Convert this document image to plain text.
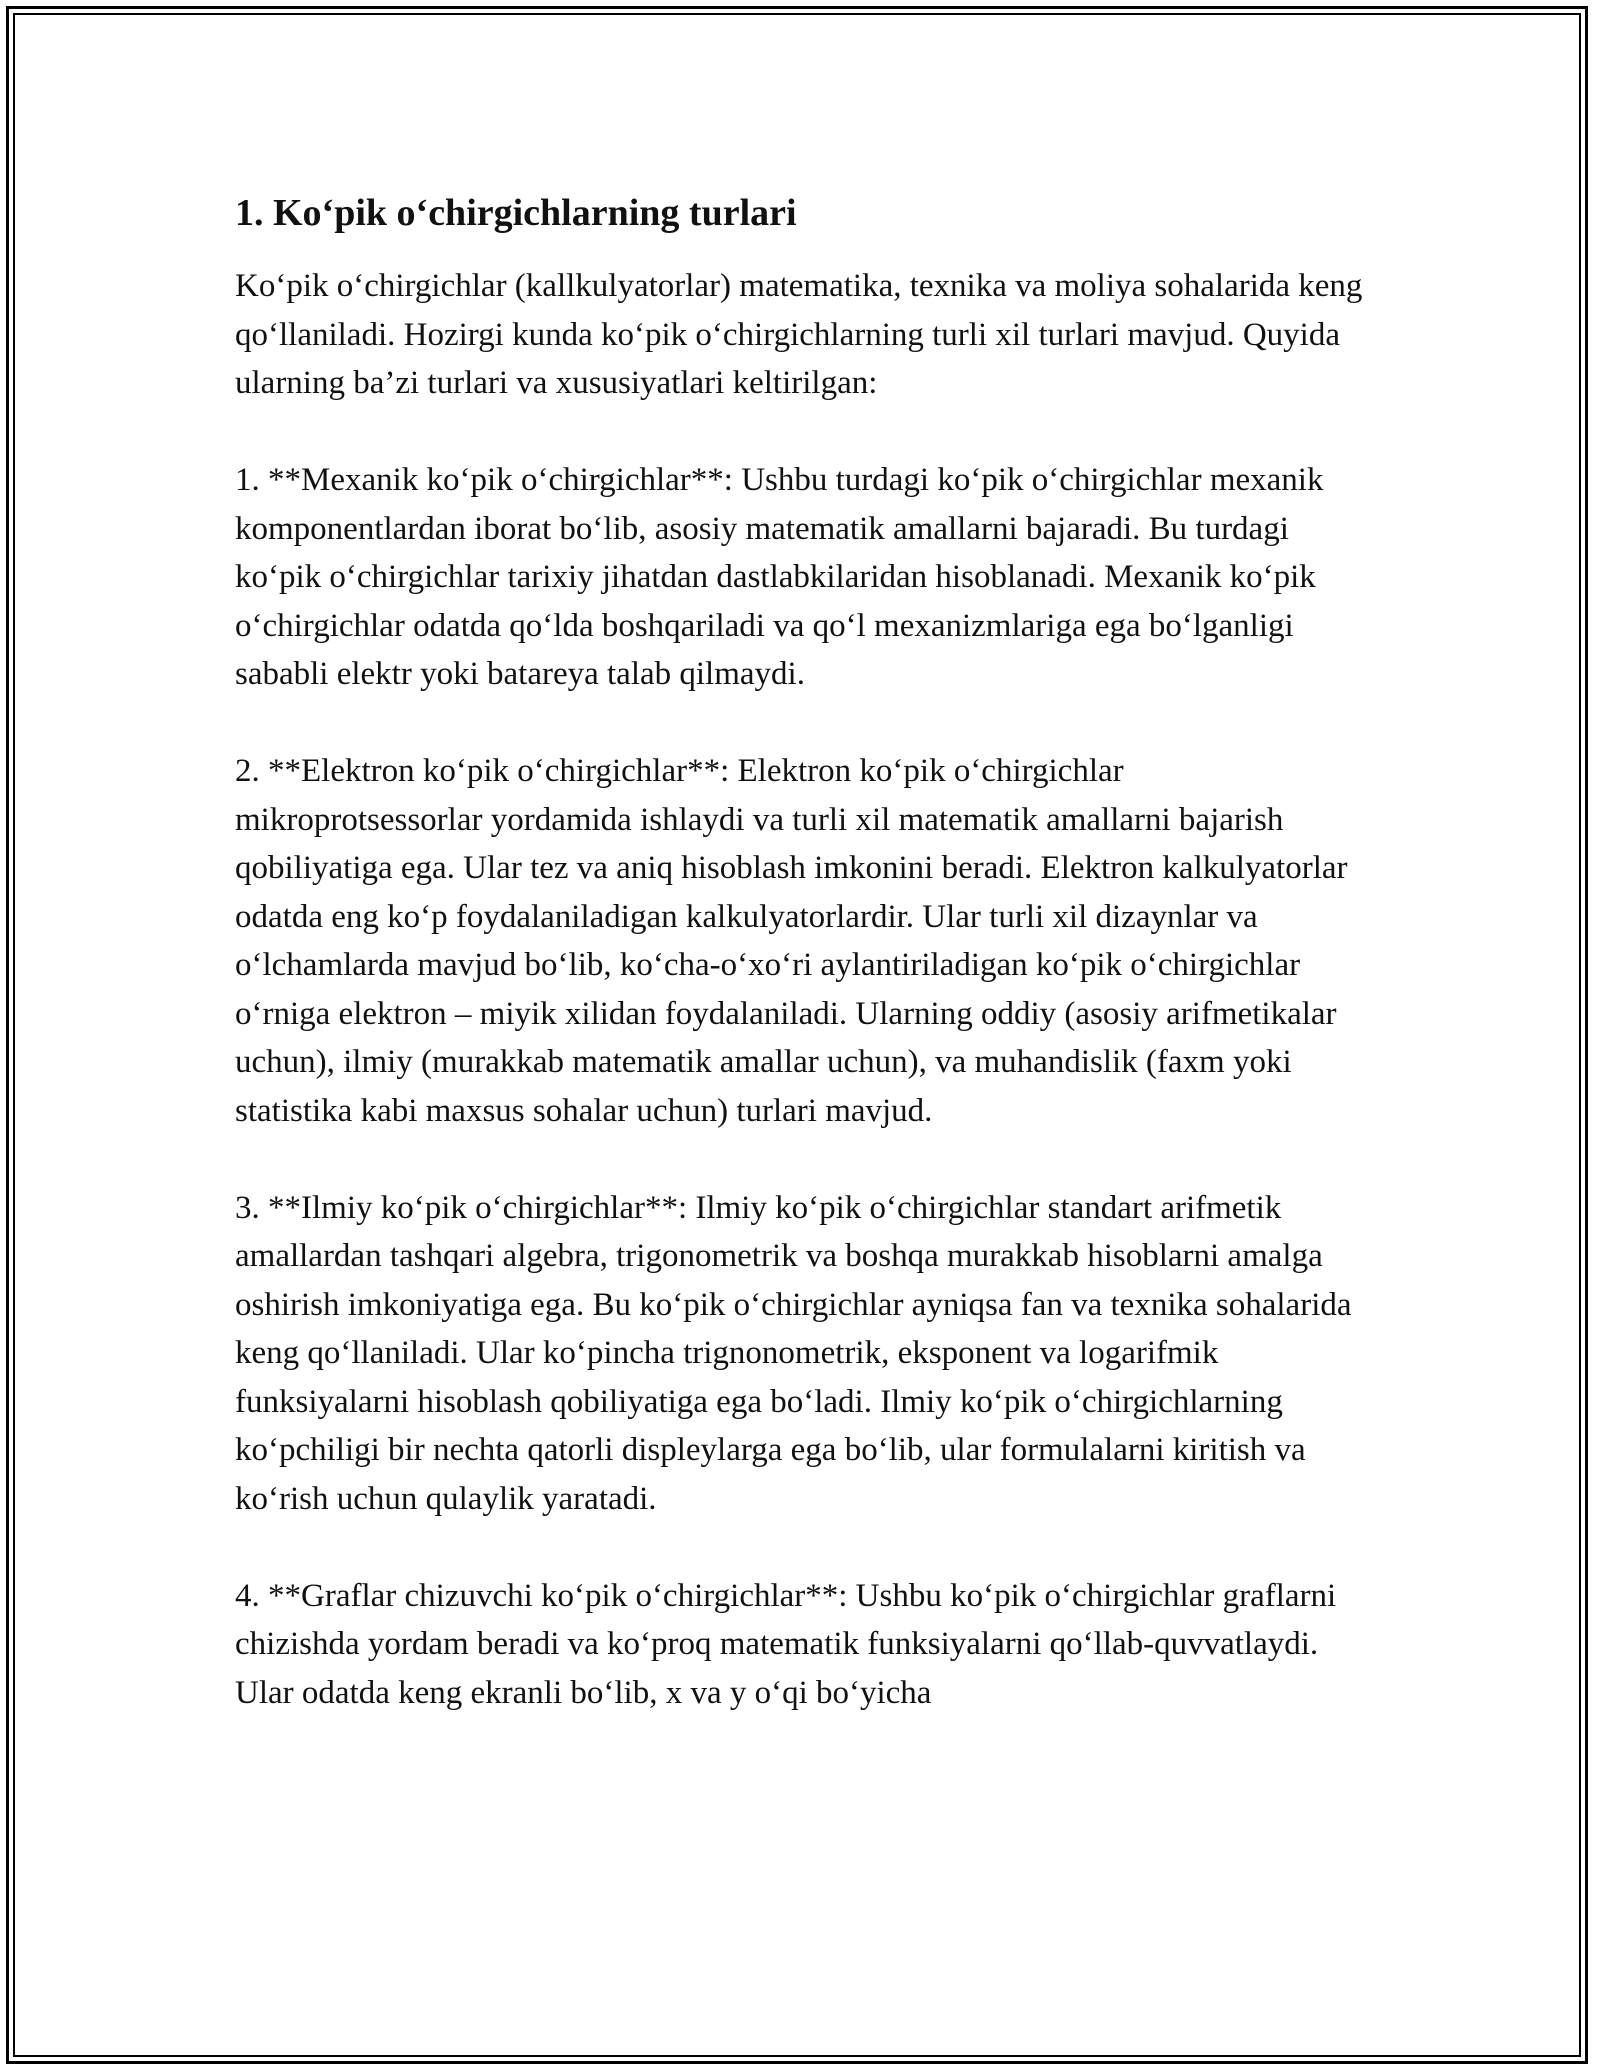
1. Ko‘pik o‘chirgichlarning turlari

Ko‘pik o‘chirgichlar (kallkulyatorlar) matematika, texnika va moliya sohalarida keng qo‘llaniladi. Hozirgi kunda ko‘pik o‘chirgichlarning turli xil turlari mavjud. Quyida ularning ba’zi turlari va xususiyatlari keltirilgan:

1. **Mexanik ko‘pik o‘chirgichlar**: Ushbu turdagi ko‘pik o‘chirgichlar mexanik komponentlardan iborat bo‘lib, asosiy matematik amallarni bajaradi. Bu turdagi ko‘pik o‘chirgichlar tarixiy jihatdan dastlabkilaridan hisoblanadi. Mexanik ko‘pik o‘chirgichlar odatda qo‘lda boshqariladi va qo‘l mexanizmlariga ega bo‘lganligi sababli elektr yoki batareya talab qilmaydi.

2. **Elektron ko‘pik o‘chirgichlar**: Elektron ko‘pik o‘chirgichlar mikroprotsessorlar yordamida ishlaydi va turli xil matematik amallarni bajarish qobiliyatiga ega. Ular tez va aniq hisoblash imkonini beradi. Elektron kalkulyatorlar odatda eng ko‘p foydalaniladigan kalkulyatorlardir. Ular turli xil dizaynlar va o‘lchamlarda mavjud bo‘lib, ko‘cha-o‘xo‘ri aylantiriladigan ko‘pik o‘chirgichlar o‘rniga elektron – miyik xilidan foydalaniladi. Ularning oddiy (asosiy arifmetikalar uchun), ilmiy (murakkab matematik amallar uchun), va muhandislik (faxm yoki statistika kabi maxsus sohalar uchun) turlari mavjud.

3. **Ilmiy ko‘pik o‘chirgichlar**: Ilmiy ko‘pik o‘chirgichlar standart arifmetik amallardan tashqari algebra, trigonometrik va boshqa murakkab hisoblarni amalga oshirish imkoniyatiga ega. Bu ko‘pik o‘chirgichlar ayniqsa fan va texnika sohalarida keng qo‘llaniladi. Ular ko‘pincha trignonometrik, eksponent va logarifmik funksiyalarni hisoblash qobiliyatiga ega bo‘ladi. Ilmiy ko‘pik o‘chirgichlarning ko‘pchiligi bir nechta qatorli displeylarga ega bo‘lib, ular formulalarni kiritish va ko‘rish uchun qulaylik yaratadi.

4. **Graflar chizuvchi ko‘pik o‘chirgichlar**: Ushbu ko‘pik o‘chirgichlar graflarni chizishda yordam beradi va ko‘proq matematik funksiyalarni qo‘llab-quvvatlaydi. Ular odatda keng ekranli bo‘lib, x va y o‘qi bo‘yicha
